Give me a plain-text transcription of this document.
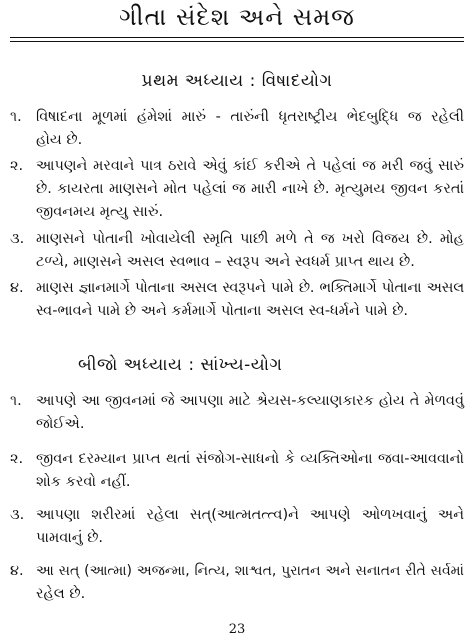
ગીતા સંદેશ અને સમજ
પ્રથમ અધ્યાય : વિષાદયોગ
૧. વિષાદના મૂળમાં હંમેશાં મારું - તારુંની ધૃતરાષ્ટ્રીય ભેદબુદ્ધિ જ રહેલી
હોય છે.
૨. આપણને મરવાને પાત્ર ઠરાવે એવું કાંઈ કરીએ તે પહેલાં જ મરી જવું સારું
છે. કાયરતા માણસને મોત પહેલાં જ મારી નાખે છે. મૃત્યુમય જીવન કરતાં
જીવનમય મૃત્યુ સારું.
૩. માણસને પોતાની ખોવાયેલી સ્મૃતિ પાછી મળે તે જ ખરો વિજય છે. મોહ
ટળ્યે, માણસને અસલ સ્વભાવ – સ્વરૂપ અને સ્વધર્મ પ્રાપ્ત થાય છે.
૪. માણસ જ્ઞાનમાર્ગે પોતાના અસલ સ્વરૂપને પામે છે. ભક્તિમાર્ગે પોતાના અસલ
સ્વ-ભાવને પામે છે અને કર્મમાર્ગે પોતાના અસલ સ્વ-ધર્મને પામે છે.
બીજો અધ્યાય : સાંખ્ય-યોગ
૧. આપણે આ જીવનમાં જે આપણા માટે શ્રેયસ-કલ્યાણકારક હોય તે મેળવવું
જોઈએ.
૨. જીવન દરમ્યાન પ્રાપ્ત થતાં સંજોગ-સાધનો કે વ્યક્તિઓના જવા-આવવાનો
શોક કરવો નહીં.
૩. આપણા શરીરમાં રહેલા સત્(આત્મતત્ત્વ)ને આપણે ઓળખવાનું અને
પામવાનું છે.
૪. આ સત્ (આત્મા) અજન્મા, નિત્ય, શાશ્વત, પુરાતન અને સનાતન રીતે સર્વમાં
રહેલ છે.
23
